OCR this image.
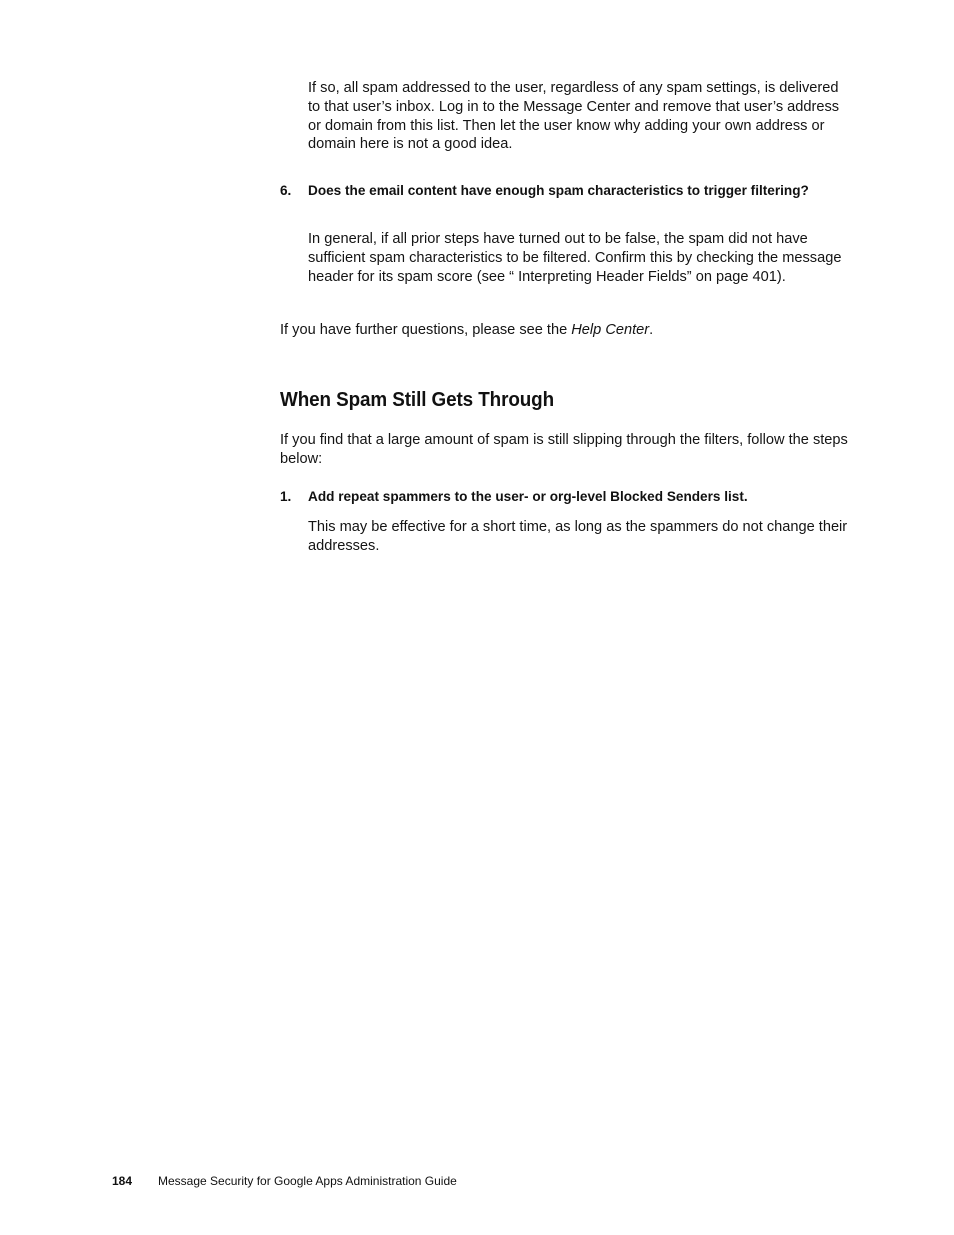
If so, all spam addressed to the user, regardless of any spam settings, is delivered to that user’s inbox. Log in to the Message Center and remove that user’s address or domain from this list. Then let the user know why adding your own address or domain here is not a good idea.

6. Does the email content have enough spam characteristics to trigger filtering?

In general, if all prior steps have turned out to be false, the spam did not have sufficient spam characteristics to be filtered. Confirm this by checking the message header for its spam score (see “ Interpreting Header Fields” on page 401).

If you have further questions, please see the Help Center.

When Spam Still Gets Through

If you find that a large amount of spam is still slipping through the filters, follow the steps below:

1. Add repeat spammers to the user- or org-level Blocked Senders list.

This may be effective for a short time, as long as the spammers do not change their addresses.

184 Message Security for Google Apps Administration Guide
